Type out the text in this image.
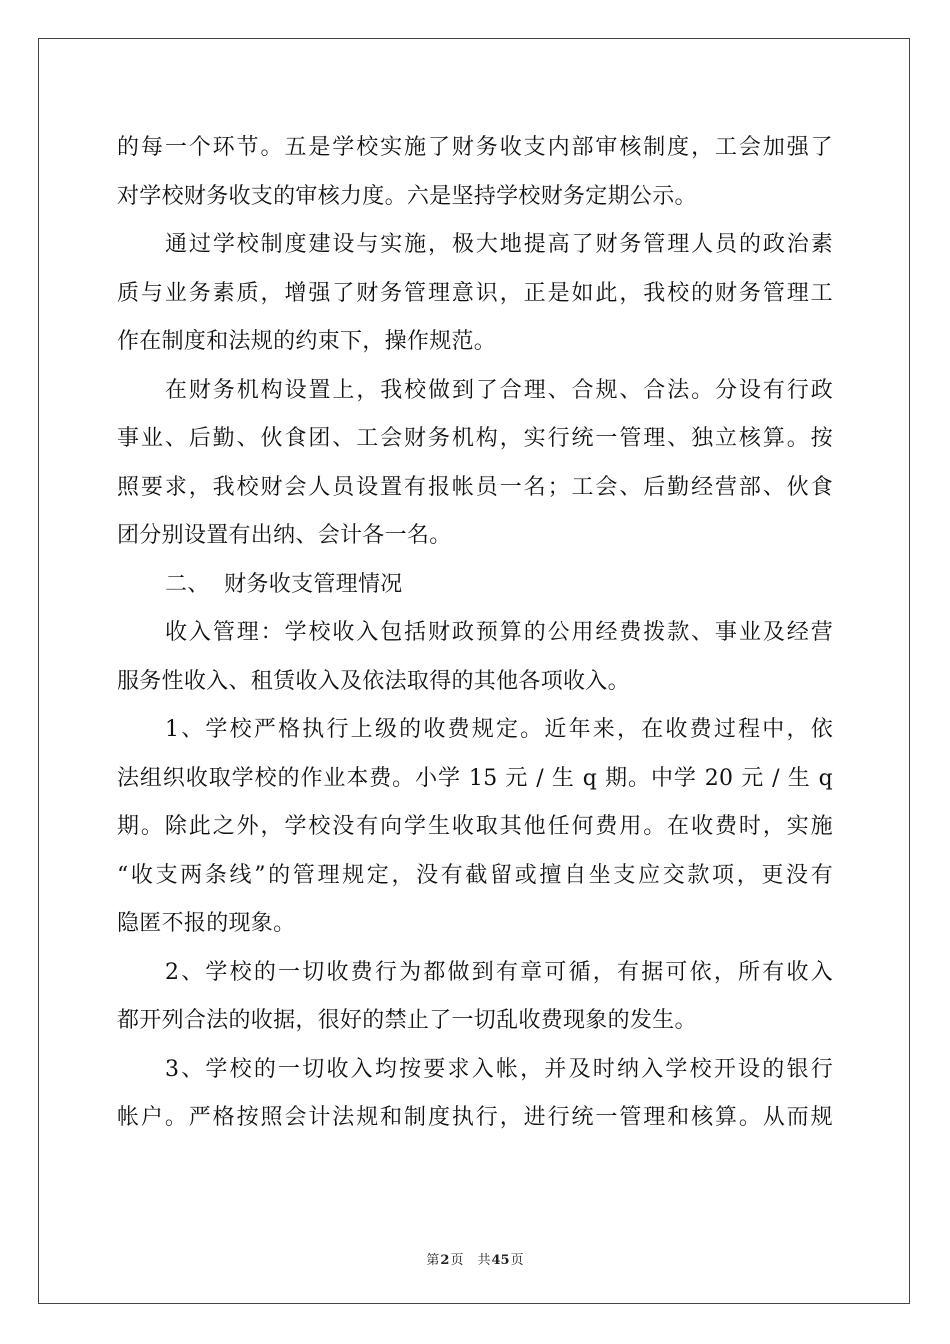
的每一个环节。五是学校实施了财务收支内部审核制度，工会加强了
对学校财务收支的审核力度。六是坚持学校财务定期公示。
通过学校制度建设与实施，极大地提高了财务管理人员的政治素
质与业务素质，增强了财务管理意识，正是如此，我校的财务管理工
作在制度和法规的约束下，操作规范。
在财务机构设置上，我校做到了合理、合规、合法。分设有行政
事业、后勤、伙食团、工会财务机构，实行统一管理、独立核算。按
照要求，我校财会人员设置有报帐员一名；工会、后勤经营部、伙食
团分别设置有出纳、会计各一名。
二、  财务收支管理情况
收入管理：学校收入包括财政预算的公用经费拨款、事业及经营
服务性收入、租赁收入及依法取得的其他各项收入。
1、学校严格执行上级的收费规定。近年来，在收费过程中，依
法组织收取学校的作业本费。小学 15 元 / 生 q 期。中学 20 元 / 生 q
期。除此之外，学校没有向学生收取其他任何费用。在收费时，实施
“收支两条线”的管理规定，没有截留或擅自坐支应交款项，更没有
隐匿不报的现象。
2、学校的一切收费行为都做到有章可循，有据可依，所有收入
都开列合法的收据，很好的禁止了一切乱收费现象的发生。
3、学校的一切收入均按要求入帐，并及时纳入学校开设的银行
帐户。严格按照会计法规和制度执行，进行统一管理和核算。从而规
第2页 共45页
